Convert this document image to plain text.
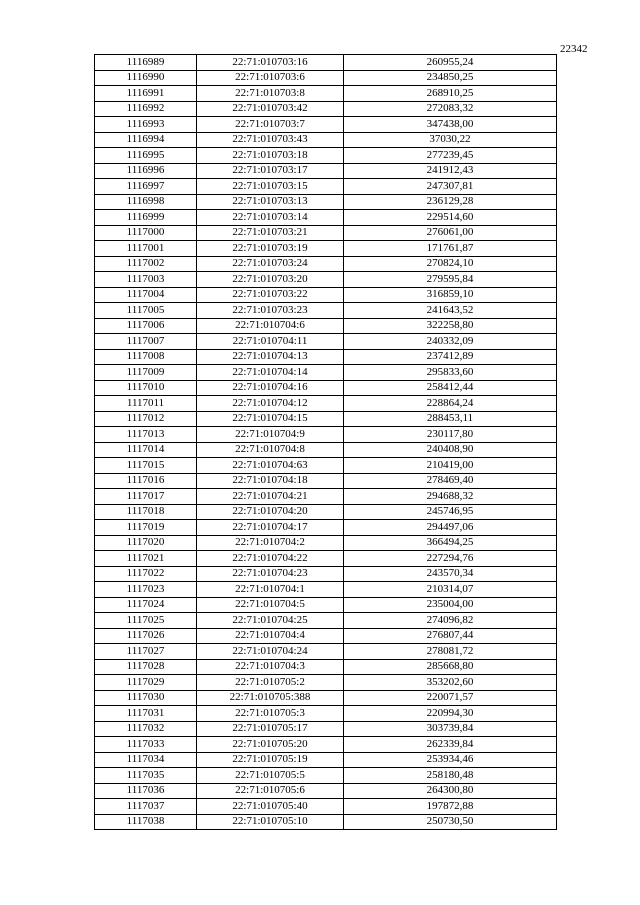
22342
1116989	22:71:010703:16	260955,24
1116990	22:71:010703:6	234850,25
1116991	22:71:010703:8	268910,25
1116992	22:71:010703:42	272083,32
1116993	22:71:010703:7	347438,00
1116994	22:71:010703:43	37030,22
1116995	22:71:010703:18	277239,45
1116996	22:71:010703:17	241912,43
1116997	22:71:010703:15	247307,81
1116998	22:71:010703:13	236129,28
1116999	22:71:010703:14	229514,60
1117000	22:71:010703:21	276061,00
1117001	22:71:010703:19	171761,87
1117002	22:71:010703:24	270824,10
1117003	22:71:010703:20	279595,84
1117004	22:71:010703:22	316859,10
1117005	22:71:010703:23	241643,52
1117006	22:71:010704:6	322258,80
1117007	22:71:010704:11	240332,09
1117008	22:71:010704:13	237412,89
1117009	22:71:010704:14	295833,60
1117010	22:71:010704:16	258412,44
1117011	22:71:010704:12	228864,24
1117012	22:71:010704:15	288453,11
1117013	22:71:010704:9	230117,80
1117014	22:71:010704:8	240408,90
1117015	22:71:010704:63	210419,00
1117016	22:71:010704:18	278469,40
1117017	22:71:010704:21	294688,32
1117018	22:71:010704:20	245746,95
1117019	22:71:010704:17	294497,06
1117020	22:71:010704:2	366494,25
1117021	22:71:010704:22	227294,76
1117022	22:71:010704:23	243570,34
1117023	22:71:010704:1	210314,07
1117024	22:71:010704:5	235004,00
1117025	22:71:010704:25	274096,82
1117026	22:71:010704:4	276807,44
1117027	22:71:010704:24	278081,72
1117028	22:71:010704:3	285668,80
1117029	22:71:010705:2	353202,60
1117030	22:71:010705:388	220071,57
1117031	22:71:010705:3	220994,30
1117032	22:71:010705:17	303739,84
1117033	22:71:010705:20	262339,84
1117034	22:71:010705:19	253934,46
1117035	22:71:010705:5	258180,48
1117036	22:71:010705:6	264300,80
1117037	22:71:010705:40	197872,88
1117038	22:71:010705:10	250730,50
